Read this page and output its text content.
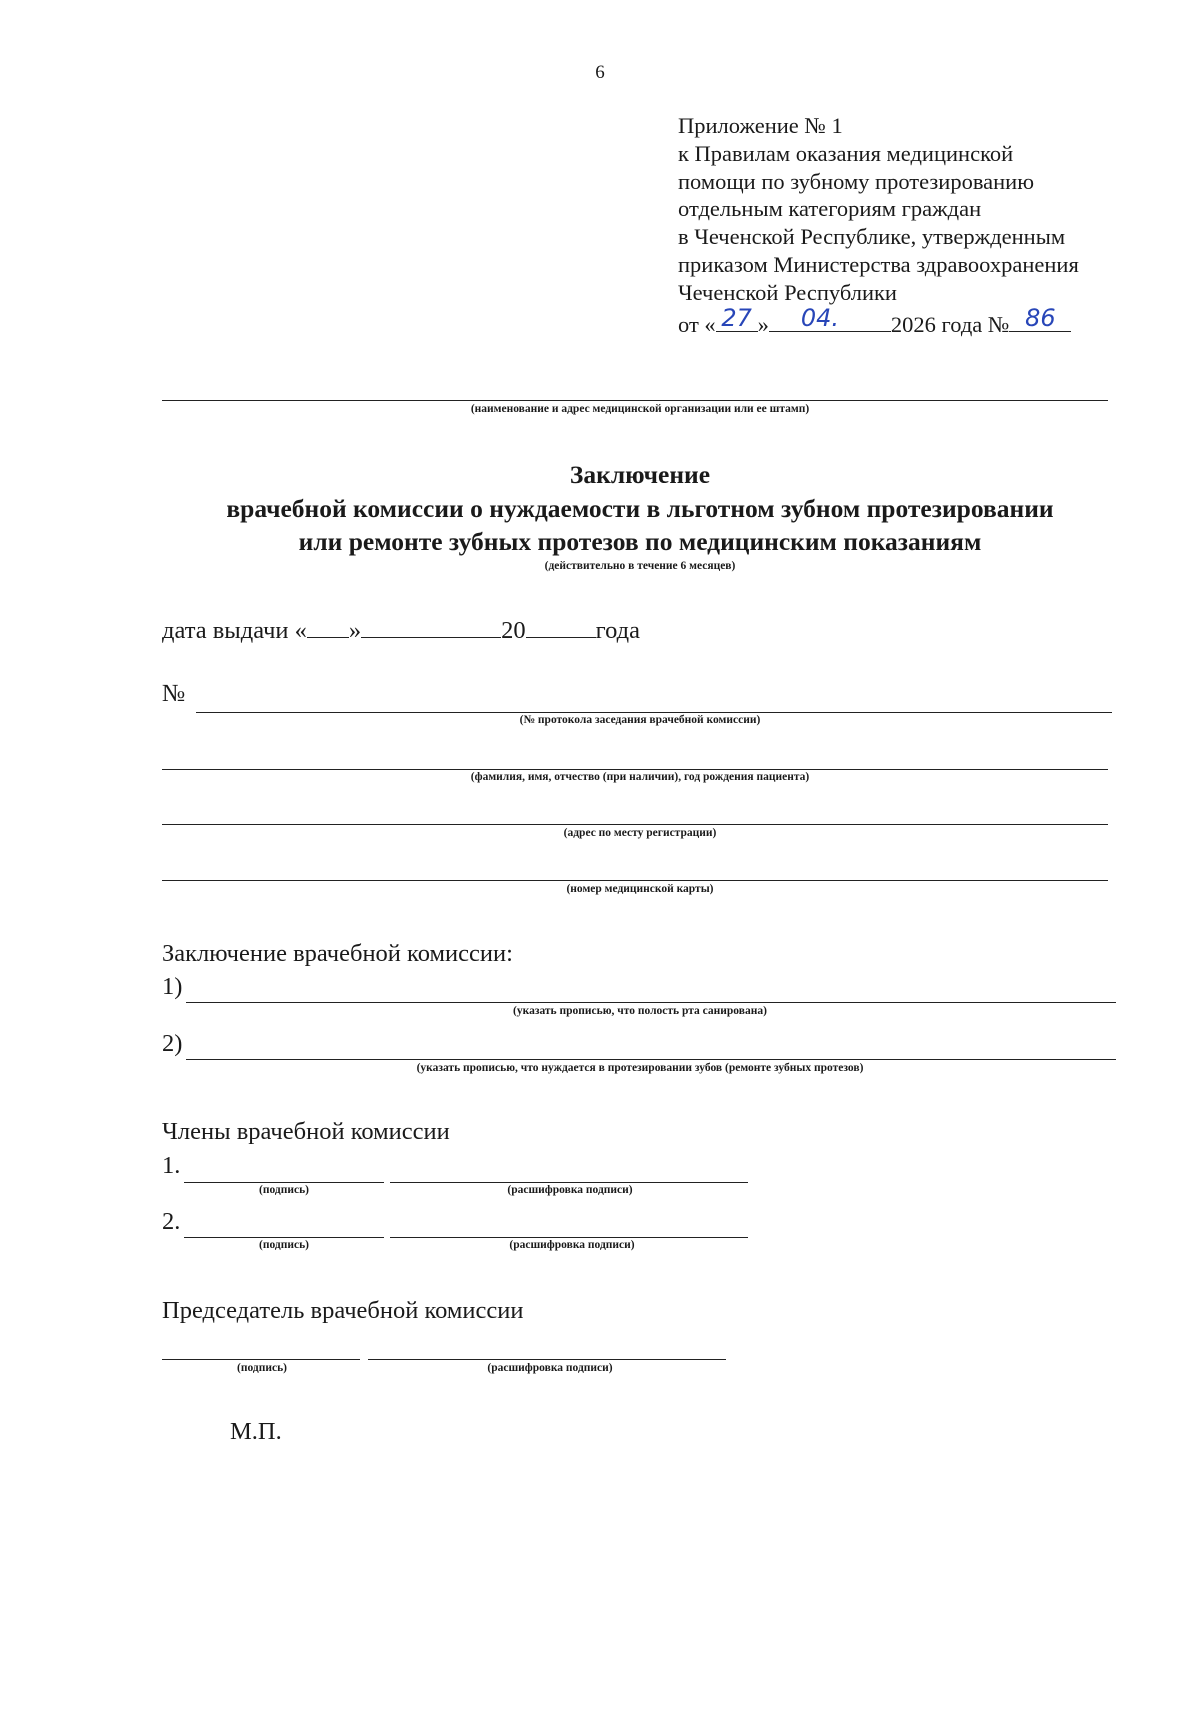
6
Приложение № 1
к Правилам оказания медицинской
помощи по зубному протезированию
отдельным категориям граждан
в Чеченской Республике, утвержденным
приказом Министерства здравоохранения
Чеченской Республики
от « 27 »	04.	2026 года № 86
(наименование и адрес медицинской организации или ее штамп)
Заключение
врачебной комиссии о нуждаемости в льготном зубном протезировании
или ремонте зубных протезов по медицинским показаниям
(действительно в течение 6 месяцев)
дата выдачи « »	20	года
№
(№ протокола заседания врачебной комиссии)
(фамилия, имя, отчество (при наличии), год рождения пациента)
(адрес по месту регистрации)
(номер медицинской карты)
Заключение врачебной комиссии:
1)
(указать прописью, что полость рта санирована)
2)
(указать прописью, что нуждается в протезировании зубов (ремонте зубных протезов)
Члены врачебной комиссии
1.
(подпись)	(расшифровка подписи)
2.
(подпись)	(расшифровка подписи)
Председатель врачебной комиссии
(подпись)	(расшифровка подписи)
М.П.
